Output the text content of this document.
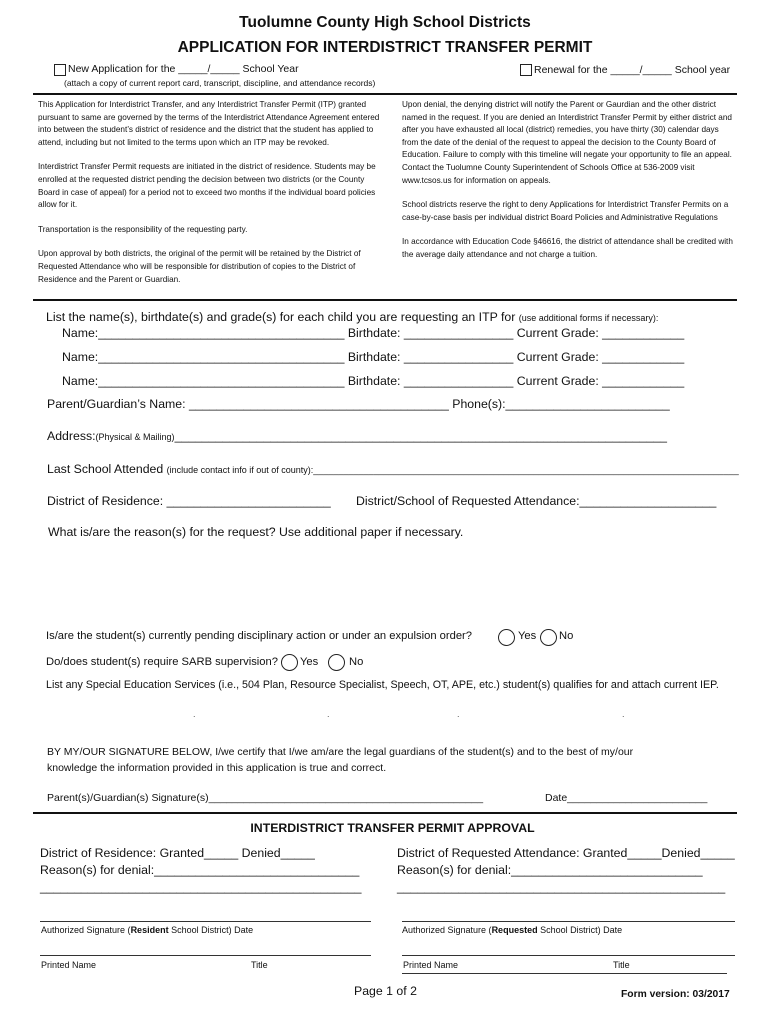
Tuolumne County High School Districts
APPLICATION FOR INTERDISTRICT TRANSFER PERMIT
New Application for the _____/_____ School Year	Renewal for the _____/_____ School year
(attach a copy of current report card, transcript, discipline, and attendance records)

This Application for Interdistrict Transfer, and any Interdistrict Transfer Permit (ITP) granted pursuant to same are governed by the terms of the Interdistrict Attendance Agreement entered into between the student’s district of residence and the district that the student has applied to attend, including but not limited to the terms upon which an ITP may be revoked.

Interdistrict Transfer Permit requests are initiated in the district of residence. Students may be enrolled at the requested district pending the decision between two districts (or the County Board in case of appeal) for a period not to exceed two months if the individual board policies allow for it.

Transportation is the responsibility of the requesting party.

Upon approval by both districts, the original of the permit will be retained by the District of Requested Attendance who will be responsible for distribution of copies to the District of Residence and the Parent or Guardian.

Upon denial, the denying district will notify the Parent or Gaurdian and the other district named in the request. If you are denied an Interdistrict Transfer Permit by either district and after you have exhausted all local (district) remedies, you have thirty (30) calendar days from the date of the denial of the request to appeal the decision to the County Board of Education. Failure to comply with this timeline will negate your opportunity to file an appeal. Contact the Tuolumne County Superintendent of Schools Office at 536-2009 visit www.tcsos.us for information on appeals.

School districts reserve the right to deny Applications for Interdistrict Transfer Permits on a case-by-case basis per individual district Board Policies and Administrative Regulations

In accordance with Education Code §46616, the district of attendance shall be credited with the average daily attendance and not charge a tuition.

List the name(s), birthdate(s) and grade(s) for each child you are requesting an ITP for (use additional forms if necessary):
Name:____________________________________ Birthdate: ________________ Current Grade: ____________
Name:____________________________________ Birthdate: ________________ Current Grade: ____________
Name:____________________________________ Birthdate: ________________ Current Grade: ____________
Parent/Guardian’s Name: ______________________________________ Phone(s):________________________
Address:(Physical & Mailing)________________________________________________________________________
Last School Attended (include contact info if out of county):_____________________________________________________________________________________
District of Residence: ________________________ District/School of Requested Attendance:____________________
What is/are the reason(s) for the request? Use additional paper if necessary.
Is/are the student(s) currently pending disciplinary action or under an expulsion order?	Yes No
Do/does student(s) require SARB supervision? Yes	No
List any Special Education Services (i.e., 504 Plan, Resource Specialist, Speech, OT, APE, etc.) student(s) qualifies for and attach current IEP.
.	.	.	.
BY MY/OUR SIGNATURE BELOW, I/we certify that I/we am/are the legal guardians of the student(s) and to the best of my/our
knowledge the information provided in this application is true and correct.
Parent(s)/Guardian(s) Signature(s)_______________________________________________	Date________________________
INTERDISTRICT TRANSFER PERMIT APPROVAL
District of Residence: Granted_____ Denied_____
Reason(s) for denial:______________________________
_______________________________________________
District of Requested Attendance: Granted_____Denied_____
Reason(s) for denial:____________________________
________________________________________________
Authorized Signature (Resident School District) Date	Authorized Signature (Requested School District) Date
Printed Name	Title	Printed Name	Title
Page 1 of 2	Form version: 03/2017
